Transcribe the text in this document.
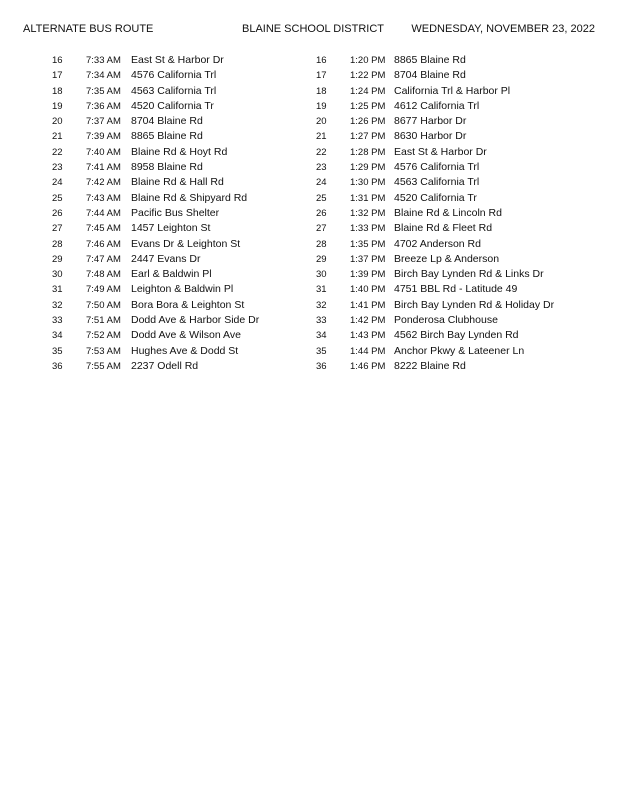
ALTERNATE BUS ROUTE	BLAINE SCHOOL DISTRICT WEDNESDAY, NOVEMBER 23, 2022
16 7:33 AM East St & Harbor Dr
17 7:34 AM 4576 California Trl
18 7:35 AM 4563 California Trl
19 7:36 AM 4520 California Tr
20 7:37 AM 8704 Blaine Rd
21 7:39 AM 8865 Blaine Rd
22 7:40 AM Blaine Rd & Hoyt Rd
23 7:41 AM 8958 Blaine Rd
24 7:42 AM Blaine Rd & Hall Rd
25 7:43 AM Blaine Rd & Shipyard Rd
26 7:44 AM Pacific Bus Shelter
27 7:45 AM 1457 Leighton St
28 7:46 AM Evans Dr & Leighton St
29 7:47 AM 2447 Evans Dr
30 7:48 AM Earl & Baldwin Pl
31 7:49 AM Leighton & Baldwin Pl
32 7:50 AM Bora Bora & Leighton St
33 7:51 AM Dodd Ave & Harbor Side Dr
34 7:52 AM Dodd Ave & Wilson Ave
35 7:53 AM Hughes Ave & Dodd St
36 7:55 AM 2237 Odell Rd
16 1:20 PM 8865 Blaine Rd
17 1:22 PM 8704 Blaine Rd
18 1:24 PM California Trl & Harbor Pl
19 1:25 PM 4612 California Trl
20 1:26 PM 8677 Harbor Dr
21 1:27 PM 8630 Harbor Dr
22 1:28 PM East St & Harbor Dr
23 1:29 PM 4576 California Trl
24 1:30 PM 4563 California Trl
25 1:31 PM 4520 California Tr
26 1:32 PM Blaine Rd & Lincoln Rd
27 1:33 PM Blaine Rd & Fleet Rd
28 1:35 PM 4702 Anderson Rd
29 1:37 PM Breeze Lp & Anderson
30 1:39 PM Birch Bay Lynden Rd & Links Dr
31 1:40 PM 4751 BBL Rd - Latitude 49
32 1:41 PM Birch Bay Lynden Rd & Holiday Dr
33 1:42 PM Ponderosa Clubhouse
34 1:43 PM 4562 Birch Bay Lynden Rd
35 1:44 PM Anchor Pkwy & Lateener Ln
36 1:46 PM 8222 Blaine Rd
